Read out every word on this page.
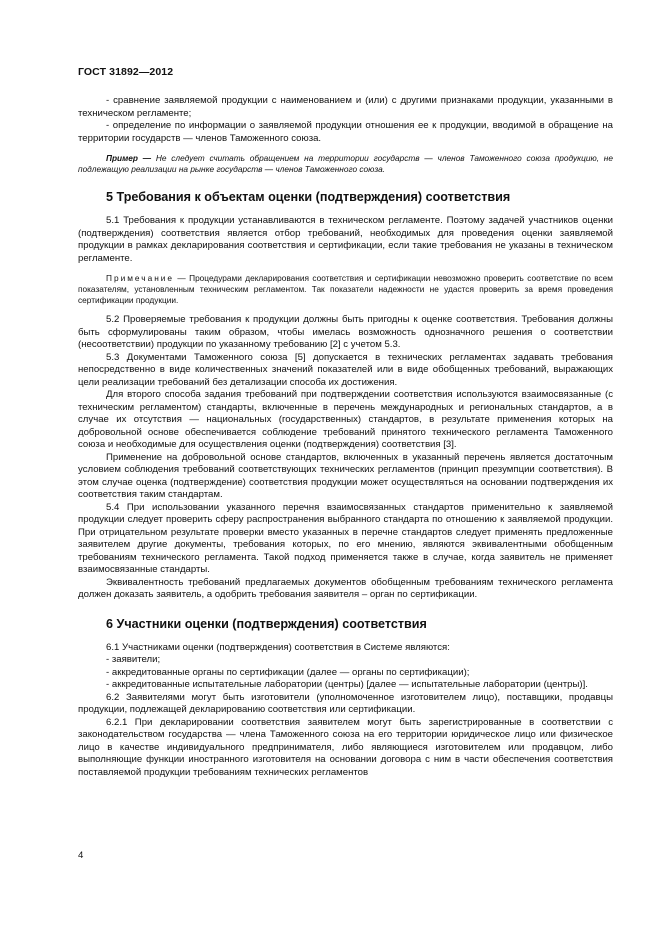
ГОСТ 31892—2012

- сравнение заявляемой продукции с наименованием и (или) с другими признаками продукции, указанными в техническом регламенте;

- определение по информации о заявляемой продукции отношения ее к продукции, вводимой в обращение на территории государств — членов Таможенного союза.

Пример — Не следует считать обращением на территории государств — членов Таможенного союза продукцию, не подлежащую реализации на рынке государств — членов Таможенного союза.

5 Требования к объектам оценки (подтверждения) соответствия

5.1 Требования к продукции устанавливаются в техническом регламенте. Поэтому задачей участников оценки (подтверждения) соответствия является отбор требований, необходимых для проведения оценки заявляемой продукции в рамках декларирования соответствия и сертификации, если такие требования не указаны в техническом регламенте.

Примечание — Процедурами декларирования соответствия и сертификации невозможно проверить соответствие по всем показателям, установленным техническим регламентом. Так показатели надежности не удастся проверить за время проведения сертификации продукции.

5.2 Проверяемые требования к продукции должны быть пригодны к оценке соответствия. Требования должны быть сформулированы таким образом, чтобы имелась возможность однозначного решения о соответствии (несоответствии) продукции по указанному требованию [2] с учетом 5.3.

5.3 Документами Таможенного союза [5] допускается в технических регламентах задавать требования непосредственно в виде количественных значений показателей или в виде обобщенных требований, выражающих цели реализации требований без детализации способа их достижения.

Для второго способа задания требований при подтверждении соответствия используются взаимосвязанные (с техническим регламентом) стандарты, включенные в перечень международных и региональных стандартов, а в случае их отсутствия — национальных (государственных) стандартов, в результате применения которых на добровольной основе обеспечивается соблюдение требований принятого технического регламента Таможенного союза и необходимые для осуществления оценки (подтверждения) соответствия [3].

Применение на добровольной основе стандартов, включенных в указанный перечень является достаточным условием соблюдения требований соответствующих технических регламентов (принцип презумпции соответствия). В этом случае оценка (подтверждение) соответствия продукции может осуществляться на основании подтверждения их соответствия таким стандартам.

5.4 При использовании указанного перечня взаимосвязанных стандартов применительно к заявляемой продукции следует проверить сферу распространения выбранного стандарта по отношению к заявляемой продукции. При отрицательном результате проверки вместо указанных в перечне стандартов следует применять предложенные заявителем другие документы, требования которых, по его мнению, являются эквивалентными обобщенным требованиям технического регламента. Такой подход применяется также в случае, когда заявитель не применяет взаимосвязанные стандарты.

Эквивалентность требований предлагаемых документов обобщенным требованиям технического регламента должен доказать заявитель, а одобрить требования заявителя – орган по сертификации.

6 Участники оценки (подтверждения) соответствия

6.1 Участниками оценки (подтверждения) соответствия в Системе являются:

- заявители;

- аккредитованные органы по сертификации (далее — органы по сертификации);

- аккредитованные испытательные лаборатории (центры) [далее — испытательные лаборатории (центры)].

6.2 Заявителями могут быть изготовители (уполномоченное изготовителем лицо), поставщики, продавцы продукции, подлежащей декларированию соответствия или сертификации.

6.2.1 При декларировании соответствия заявителем могут быть зарегистрированные в соответствии с законодательством государства — члена Таможенного союза на его территории юридическое лицо или физическое лицо в качестве индивидуального предпринимателя, либо являющиеся изготовителем или продавцом, либо выполняющие функции иностранного изготовителя на основании договора с ним в части обеспечения соответствия поставляемой продукции требованиям технических регламентов

4
